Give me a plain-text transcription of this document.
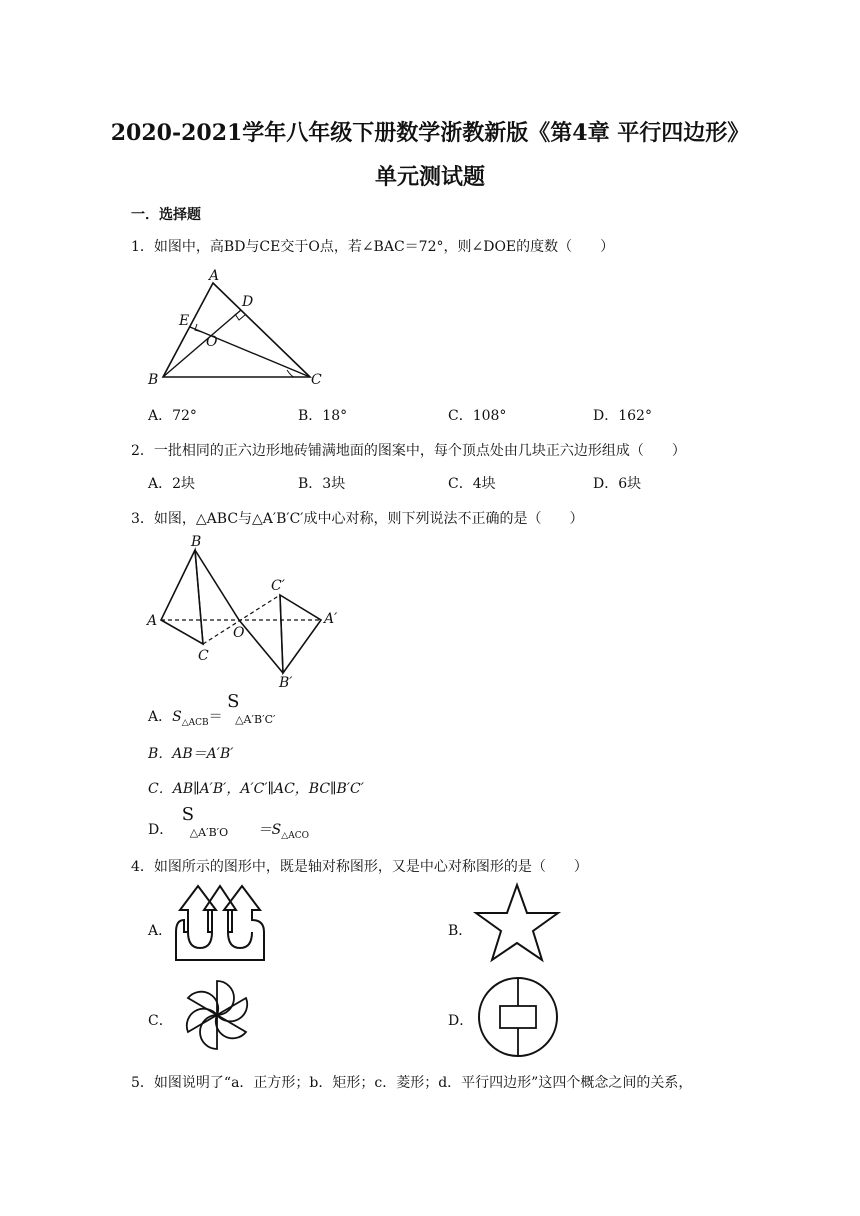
2020-2021学年八年级下册数学浙教新版《第4章 平行四边形》
单元测试题
一．选择题
1．如图中，高BD与CE交于O点，若∠BAC＝72°，则∠DOE的度数（　　）
A
D
E
O
B	C
A．72°	B．18°	C．108°	D．162°
2．一批相同的正六边形地砖铺满地面的图案中，每个顶点处由几块正六边形组成（　　）
A．2块	B．3块	C．4块	D．6块
3．如图，△ABC与△A′B′C′成中心对称，则下列说法不正确的是（　　）
B
A
C
O
C′
A′
B′
A．$S_{\triangle ACB}=$
S
△A′B′C′
B．AB＝A′B′
C．AB∥A′B′，A′C′∥AC，BC∥B′C′
D．
S
△A′B′O $=S_{\triangle ACO}$
4．如图所示的图形中，既是轴对称图形，又是中心对称图形的是（　　）
A．	B．
C．	D．
5．如图说明了“a．正方形；b．矩形；c．菱形；d．平行四边形”这四个概念之间的关系，
